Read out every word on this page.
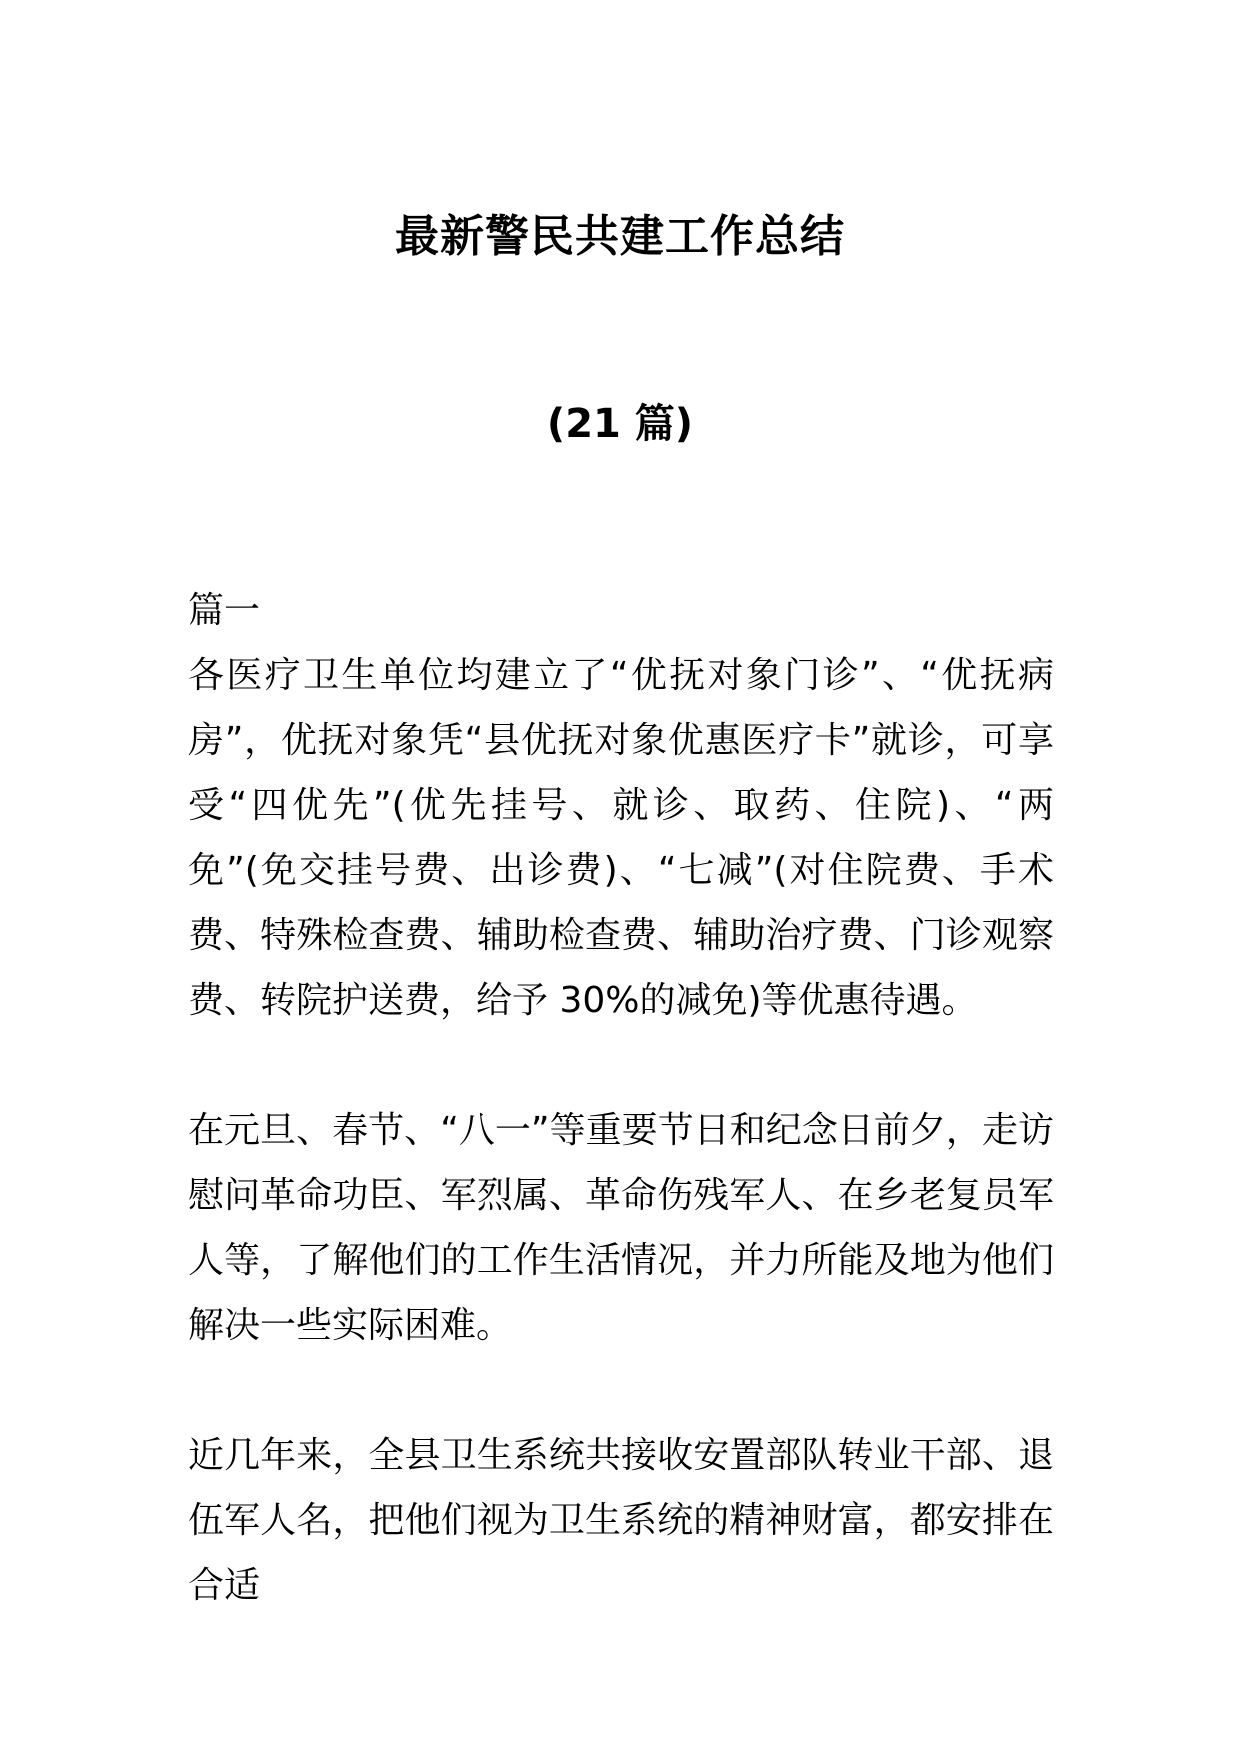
最新警民共建工作总结
(21 篇)
篇一

各医疗卫生单位均建立了“优抚对象门诊”、“优抚病房”，优抚对象凭“县优抚对象优惠医疗卡”就诊，可享受“四优先”(优先挂号、就诊、取药、住院)、“两免”(免交挂号费、出诊费)、“七减”(对住院费、手术费、特殊检查费、辅助检查费、辅助治疗费、门诊观察费、转院护送费，给予 30%的减免)等优惠待遇。

在元旦、春节、“八一”等重要节日和纪念日前夕，走访慰问革命功臣、军烈属、革命伤残军人、在乡老复员军人等，了解他们的工作生活情况，并力所能及地为他们解决一些实际困难。

近几年来，全县卫生系统共接收安置部队转业干部、退伍军人名，把他们视为卫生系统的精神财富，都安排在合适
